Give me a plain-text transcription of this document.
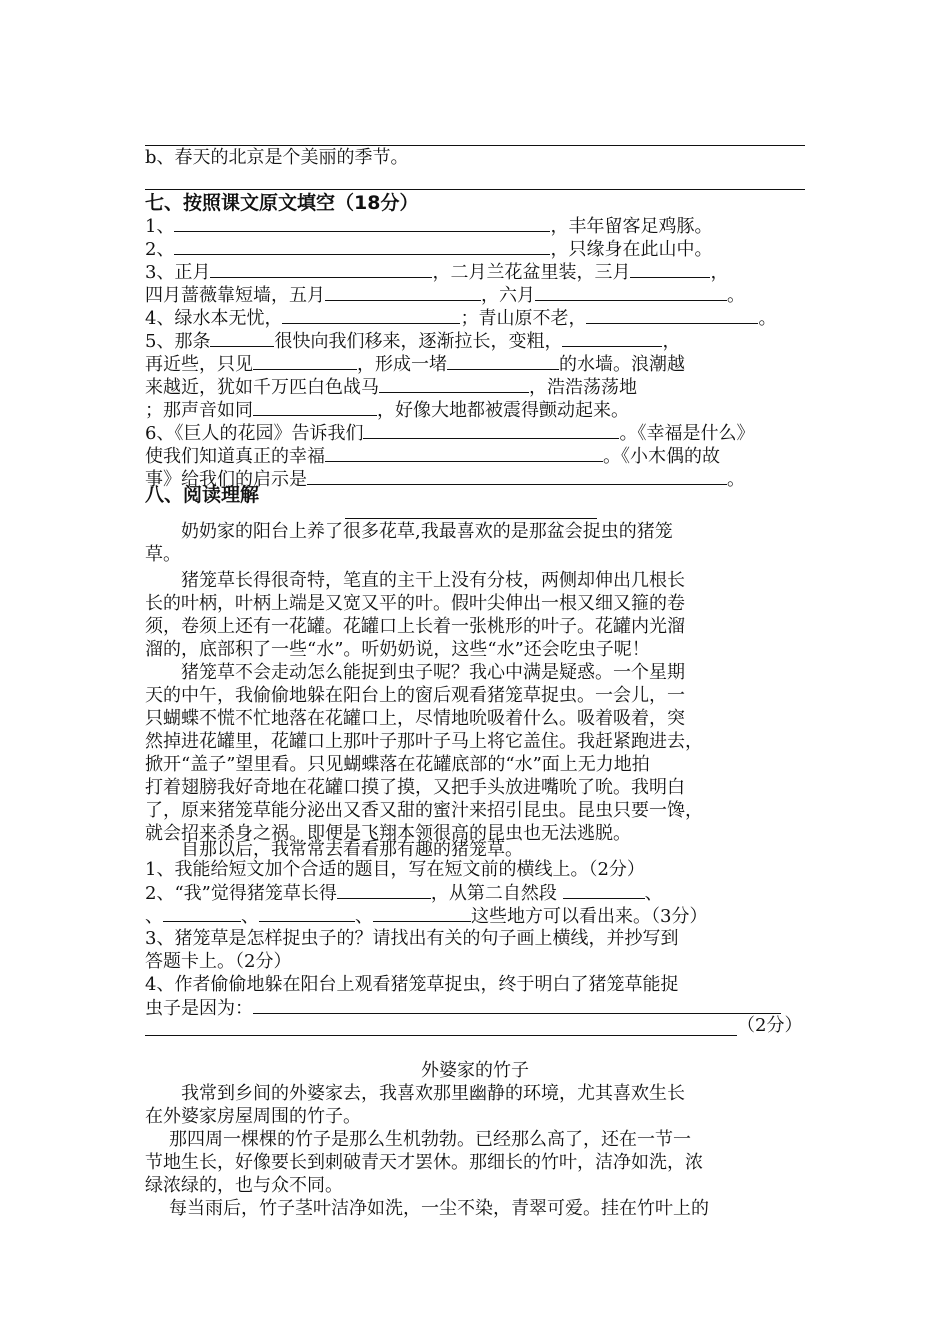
b、春天的北京是个美丽的季节。
七、按照课文原文填空（18分）
1、	，丰年留客足鸡豚。
2、	，只缘身在此山中。
3、正月	，二月兰花盆里装，三月	，
四月蔷薇靠短墙，五月	，六月	。
4、绿水本无忧，	；青山原不老，	。
5、那条	很快向我们移来，逐渐拉长，变粗，	，
再近些，只见	，形成一堵	的水墙。浪潮越
来越近，犹如千万匹白色战马	，浩浩荡荡地
；那声音如同	，好像大地都被震得颤动起来。
6、《巨人的花园》告诉我们	。《幸福是什么》
使我们知道真正的幸福	。《小木偶的故
事》给我们的启示是	。
八、阅读理解
奶奶家的阳台上养了很多花草,我最喜欢的是那盆会捉虫的猪笼
草。
猪笼草长得很奇特，笔直的主干上没有分枝，两侧却伸出几根长
长的叶柄，叶柄上端是又宽又平的叶。假叶尖伸出一根又细又箍的卷
须，卷须上还有一花罐。花罐口上长着一张桃形的叶子。花罐内光溜
溜的，底部积了一些“水”。听奶奶说，这些“水”还会吃虫子呢！
猪笼草不会走动怎么能捉到虫子呢？我心中满是疑惑。一个星期
天的中午，我偷偷地躲在阳台上的窗后观看猪笼草捉虫。一会儿，一
只蝴蝶不慌不忙地落在花罐口上，尽情地吮吸着什么。吸着吸着，突
然掉进花罐里，花罐口上那叶子那叶子马上将它盖住。我赶紧跑进去，
掀开“盖子”望里看。只见蝴蝶落在花罐底部的“水”面上无力地拍
打着翅膀我好奇地在花罐口摸了摸，又把手头放进嘴吮了吮。我明白
了，原来猪笼草能分泌出又香又甜的蜜汁来招引昆虫。昆虫只要一馋，
就会招来杀身之祸。即便是飞翔本领很高的昆虫也无法逃脱。
自那以后，我常常去看看那有趣的猪笼草。
1、我能给短文加个合适的题目，写在短文前的横线上。（2分）
2、“我”觉得猪笼草长得	，从第二自然段	、
、	、	、	这些地方可以看出来。（3分）
3、猪笼草是怎样捉虫子的？请找出有关的句子画上横线，并抄写到
答题卡上。（2分）
4、作者偷偷地躲在阳台上观看猪笼草捉虫，终于明白了猪笼草能捉
虫子是因为：
（2分）
外婆家的竹子
我常到乡间的外婆家去，我喜欢那里幽静的环境，尤其喜欢生长
在外婆家房屋周围的竹子。
那四周一棵棵的竹子是那么生机勃勃。已经那么高了，还在一节一
节地生长，好像要长到刺破青天才罢休。那细长的竹叶，洁净如洗，浓
绿浓绿的，也与众不同。
每当雨后，竹子茎叶洁净如洗，一尘不染，青翠可爱。挂在竹叶上的
